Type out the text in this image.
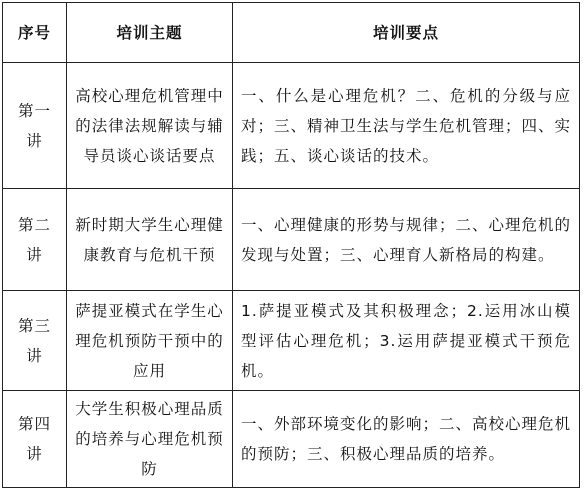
序号	培训主题	培训要点
第一讲	高校心理危机管理中的法律法规解读与辅导员谈心谈话要点	一、什么是心理危机？二、危机的分级与应对；三、精神卫生法与学生危机管理；四、实践；五、谈心谈话的技术。
第二讲	新时期大学生心理健康教育与危机干预	一、心理健康的形势与规律；二、心理危机的发现与处置；三、心理育人新格局的构建。
第三讲	萨提亚模式在学生心理危机预防干预中的应用	1.萨提亚模式及其积极理念；2.运用冰山模型评估心理危机；3.运用萨提亚模式干预危机。
第四讲	大学生积极心理品质的培养与心理危机预防	一、外部环境变化的影响；二、高校心理危机的预防；三、积极心理品质的培养。
